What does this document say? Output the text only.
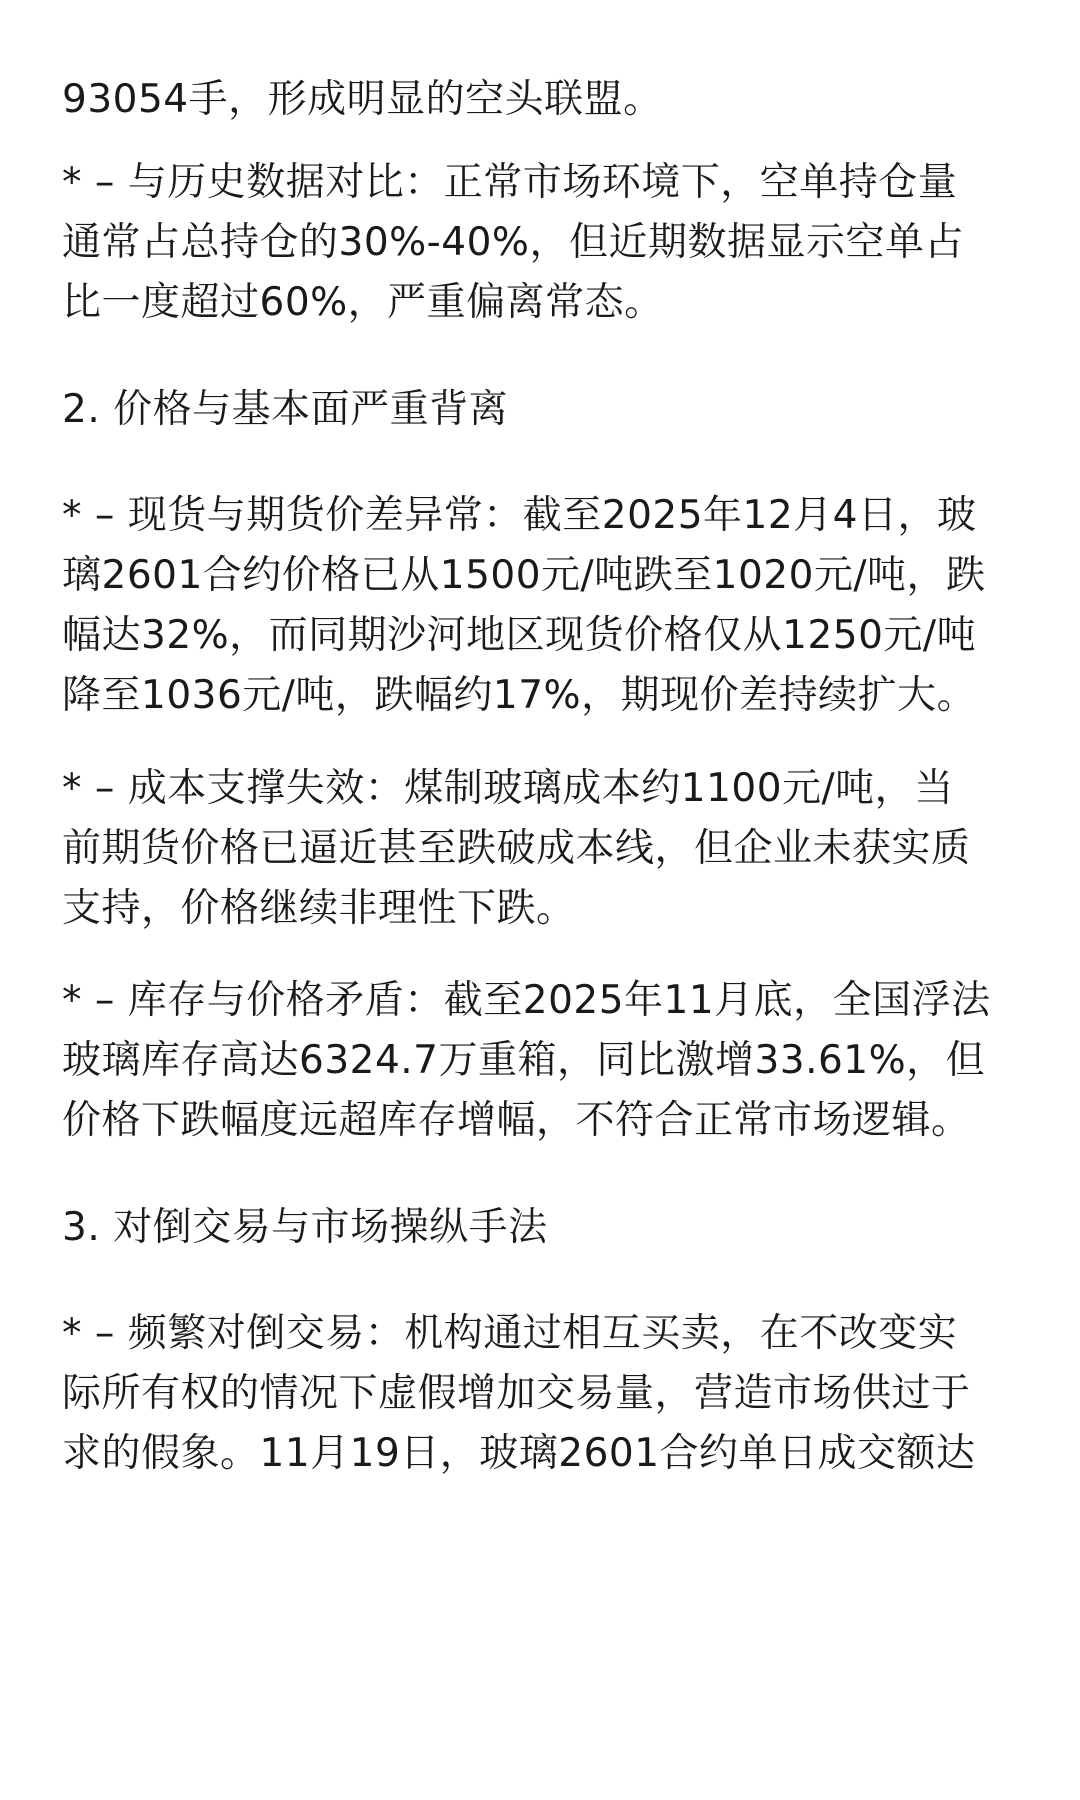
93054手，形成明显的空头联盟。
* – 与历史数据对比：正常市场环境下，空单持仓量
通常占总持仓的30%-40%，但近期数据显示空单占
比一度超过60%，严重偏离常态。
2. 价格与基本面严重背离
* – 现货与期货价差异常：截至2025年12月4日，玻
璃2601合约价格已从1500元/吨跌至1020元/吨，跌
幅达32%，而同期沙河地区现货价格仅从1250元/吨
降至1036元/吨，跌幅约17%，期现价差持续扩大。
* – 成本支撑失效：煤制玻璃成本约1100元/吨，当
前期货价格已逼近甚至跌破成本线，但企业未获实质
支持，价格继续非理性下跌。
* – 库存与价格矛盾：截至2025年11月底，全国浮法
玻璃库存高达6324.7万重箱，同比激增33.61%，但
价格下跌幅度远超库存增幅，不符合正常市场逻辑。
3. 对倒交易与市场操纵手法
* – 频繁对倒交易：机构通过相互买卖，在不改变实
际所有权的情况下虚假增加交易量，营造市场供过于
求的假象。11月19日，玻璃2601合约单日成交额达
